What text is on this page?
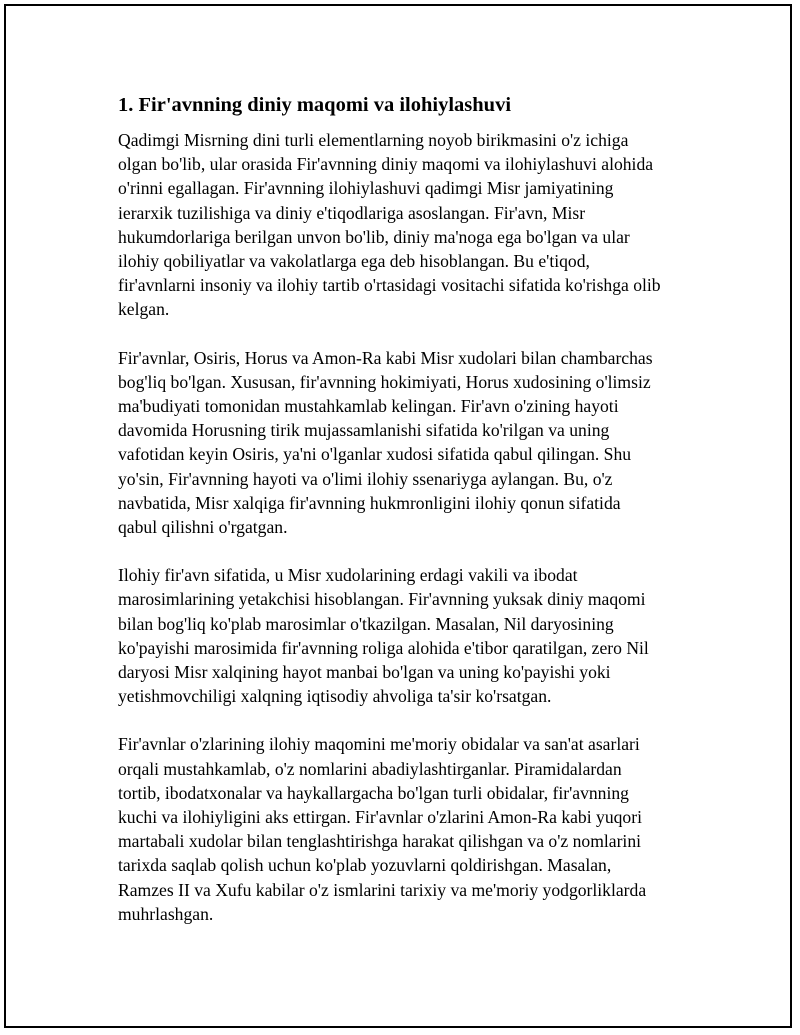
1. Fir'avnning diniy maqomi va ilohiylashuvi

Qadimgi Misrning dini turli elementlarning noyob birikmasini o'z ichiga
olgan bo'lib, ular orasida Fir'avnning diniy maqomi va ilohiylashuvi alohida
o'rinni egallagan. Fir'avnning ilohiylashuvi qadimgi Misr jamiyatining
ierarxik tuzilishiga va diniy e'tiqodlariga asoslangan. Fir'avn, Misr
hukumdorlariga berilgan unvon bo'lib, diniy ma'noga ega bo'lgan va ular
ilohiy qobiliyatlar va vakolatlarga ega deb hisoblangan. Bu e'tiqod,
fir'avnlarni insoniy va ilohiy tartib o'rtasidagi vositachi sifatida ko'rishga olib
kelgan.

Fir'avnlar, Osiris, Horus va Amon-Ra kabi Misr xudolari bilan chambarchas
bog'liq bo'lgan. Xususan, fir'avnning hokimiyati, Horus xudosining o'limsiz
ma'budiyati tomonidan mustahkamlab kelingan. Fir'avn o'zining hayoti
davomida Horusning tirik mujassamlanishi sifatida ko'rilgan va uning
vafotidan keyin Osiris, ya'ni o'lganlar xudosi sifatida qabul qilingan. Shu
yo'sin, Fir'avnning hayoti va o'limi ilohiy ssenariyga aylangan. Bu, o'z
navbatida, Misr xalqiga fir'avnning hukmronligini ilohiy qonun sifatida
qabul qilishni o'rgatgan.

Ilohiy fir'avn sifatida, u Misr xudolarining erdagi vakili va ibodat
marosimlarining yetakchisi hisoblangan. Fir'avnning yuksak diniy maqomi
bilan bog'liq ko'plab marosimlar o'tkazilgan. Masalan, Nil daryosining
ko'payishi marosimida fir'avnning roliga alohida e'tibor qaratilgan, zero Nil
daryosi Misr xalqining hayot manbai bo'lgan va uning ko'payishi yoki
yetishmovchiligi xalqning iqtisodiy ahvoliga ta'sir ko'rsatgan.

Fir'avnlar o'zlarining ilohiy maqomini me'moriy obidalar va san'at asarlari
orqali mustahkamlab, o'z nomlarini abadiylashtirganlar. Piramidalardan
tortib, ibodatxonalar va haykallargacha bo'lgan turli obidalar, fir'avnning
kuchi va ilohiyligini aks ettirgan. Fir'avnlar o'zlarini Amon-Ra kabi yuqori
martabali xudolar bilan tenglashtirishga harakat qilishgan va o'z nomlarini
tarixda saqlab qolish uchun ko'plab yozuvlarni qoldirishgan. Masalan,
Ramzes II va Xufu kabilar o'z ismlarini tarixiy va me'moriy yodgorliklarda
muhrlashgan.
